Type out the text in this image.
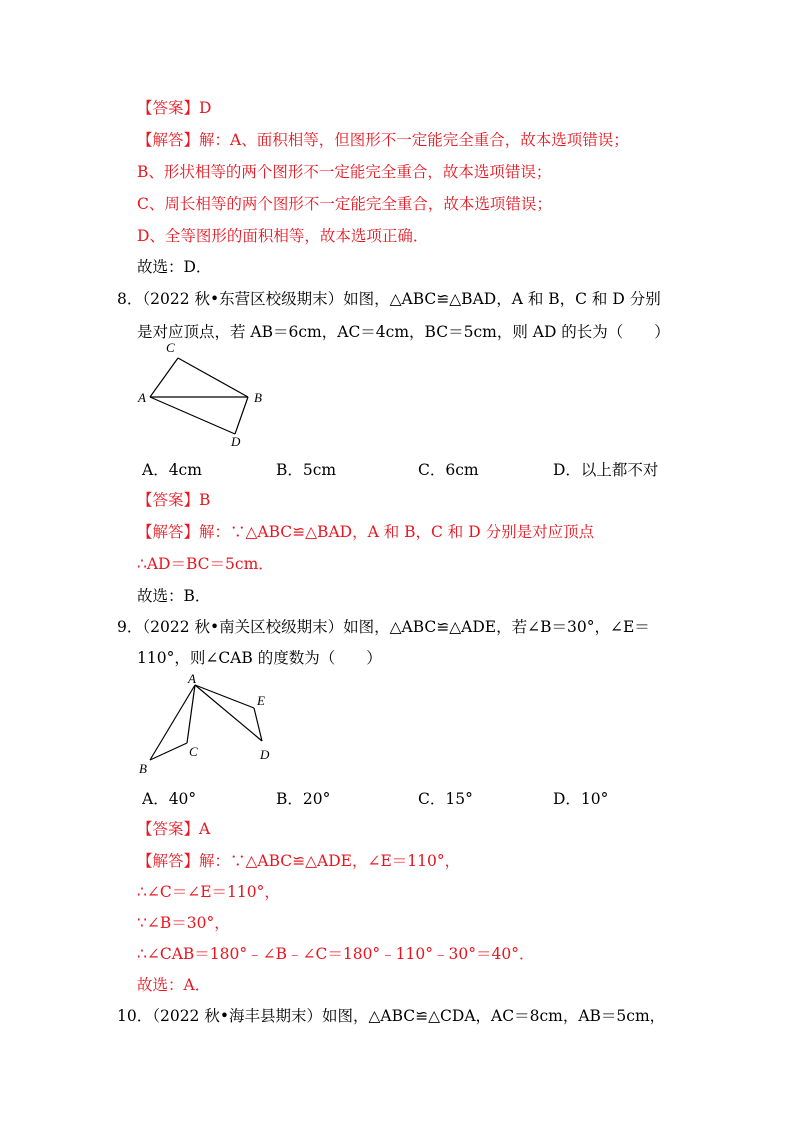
【答案】D
【解答】解：A、面积相等，但图形不一定能完全重合，故本选项错误；
B、形状相等的两个图形不一定能完全重合，故本选项错误；
C、周长相等的两个图形不一定能完全重合，故本选项错误；
D、全等图形的面积相等，故本选项正确．
故选：D．
8．（2022 秋•东营区校级期末）如图，△ABC≌△BAD，A 和 B，C 和 D 分别
是对应顶点，若 AB＝6cm，AC＝4cm，BC＝5cm，则 AD 的长为（　　）
C
A	B
D
A．4cm	B．5cm	C．6cm	D．以上都不对
【答案】B
【解答】解：∵△ABC≌△BAD，A 和 B，C 和 D 分别是对应顶点
∴AD＝BC＝5cm．
故选：B．
9．（2022 秋•南关区校级期末）如图，△ABC≌△ADE，若∠B＝30°，∠E＝
110°，则∠CAB 的度数为（　　）
A
E
C	D
B
A．40°	B．20°	C．15°	D．10°
【答案】A
【解答】解：∵△ABC≌△ADE，∠E＝110°，
∴∠C＝∠E＝110°，
∵∠B＝30°，
∴∠CAB＝180°﹣∠B﹣∠C＝180°﹣110°﹣30°＝40°．
故选：A．
10．（2022 秋•海丰县期末）如图，△ABC≌△CDA，AC＝8cm，AB＝5cm，
